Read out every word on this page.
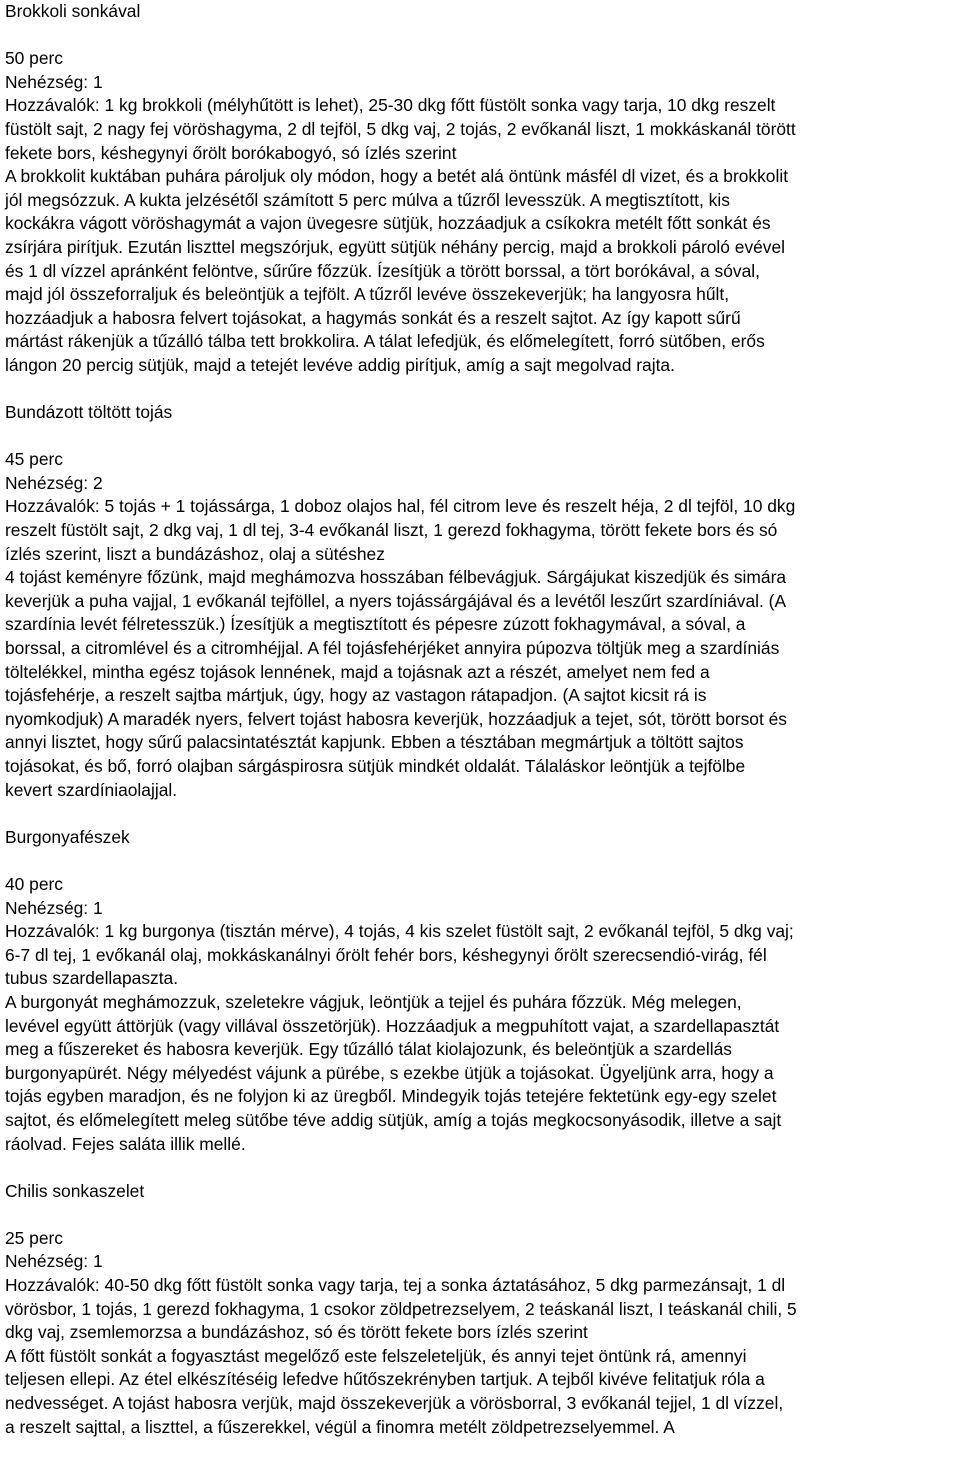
Brokkoli sonkával
50 perc
Nehézség: 1
Hozzávalók: 1 kg brokkoli (mélyhűtött is lehet), 25-30 dkg főtt füstölt sonka vagy tarja, 10 dkg reszelt
füstölt sajt, 2 nagy fej vöröshagyma, 2 dl tejföl, 5 dkg vaj, 2 tojás, 2 evőkanál liszt, 1 mokkáskanál törött
fekete bors, késhegynyi őrölt borókabogyó, só ízlés szerint
A brokkolit kuktában puhára pároljuk oly módon, hogy a betét alá öntünk másfél dl vizet, és a brokkolit
jól megsózzuk. A kukta jelzésétől számított 5 perc múlva a tűzről levesszük. A megtisztított, kis
kockákra vágott vöröshagymát a vajon üvegesre sütjük, hozzáadjuk a csíkokra metélt főtt sonkát és
zsírjára pirítjuk. Ezután liszttel megszórjuk, együtt sütjük néhány percig, majd a brokkoli pároló evével
és 1 dl vízzel apránként felöntve, sűrűre főzzük. Ízesítjük a törött borssal, a tört borókával, a sóval,
majd jól összeforraljuk és beleöntjük a tejfölt. A tűzről levéve összekeverjük; ha langyosra hűlt,
hozzáadjuk a habosra felvert tojásokat, a hagymás sonkát és a reszelt sajtot. Az így kapott sűrű
mártást rákenjük a tűzálló tálba tett brokkolira. A tálat lefedjük, és előmelegített, forró sütőben, erős
lángon 20 percig sütjük, majd a tetejét levéve addig pirítjuk, amíg a sajt megolvad rajta.
Bundázott töltött tojás
45 perc
Nehézség: 2
Hozzávalók: 5 tojás + 1 tojássárga, 1 doboz olajos hal, fél citrom leve és reszelt héja, 2 dl tejföl, 10 dkg
reszelt füstölt sajt, 2 dkg vaj, 1 dl tej, 3-4 evőkanál liszt, 1 gerezd fokhagyma, törött fekete bors és só
ízlés szerint, liszt a bundázáshoz, olaj a sütéshez
4 tojást keményre főzünk, majd meghámozva hosszában félbevágjuk. Sárgájukat kiszedjük és simára
keverjük a puha vajjal, 1 evőkanál tejföllel, a nyers tojássárgájával és a levétől leszűrt szardíniával. (A
szardínia levét félretesszük.) Ízesítjük a megtisztított és pépesre zúzott fokhagymával, a sóval, a
borssal, a citromlével és a citromhéjjal. A fél tojásfehérjéket annyira púpozva töltjük meg a szardíniás
töltelékkel, mintha egész tojások lennének, majd a tojásnak azt a részét, amelyet nem fed a
tojásfehérje, a reszelt sajtba mártjuk, úgy, hogy az vastagon rátapadjon. (A sajtot kicsit rá is
nyomkodjuk) A maradék nyers, felvert tojást habosra keverjük, hozzáadjuk a tejet, sót, törött borsot és
annyi lisztet, hogy sűrű palacsintatésztát kapjunk. Ebben a tésztában megmártjuk a töltött sajtos
tojásokat, és bő, forró olajban sárgáspirosra sütjük mindkét oldalát. Tálaláskor leöntjük a tejfölbe
kevert szardíniaolajjal.
Burgonyafészek
40 perc
Nehézség: 1
Hozzávalók: 1 kg burgonya (tisztán mérve), 4 tojás, 4 kis szelet füstölt sajt, 2 evőkanál tejföl, 5 dkg vaj;
6-7 dl tej, 1 evőkanál olaj, mokkáskanálnyi őrölt fehér bors, késhegynyi őrölt szerecsendió-virág, fél
tubus szardellapaszta.
A burgonyát meghámozzuk, szeletekre vágjuk, leöntjük a tejjel és puhára főzzük. Még melegen,
levével együtt áttörjük (vagy villával összetörjük). Hozzáadjuk a megpuhított vajat, a szardellapasztát
meg a fűszereket és habosra keverjük. Egy tűzálló tálat kiolajozunk, és beleöntjük a szardellás
burgonyapürét. Négy mélyedést vájunk a pürébe, s ezekbe ütjük a tojásokat. Ügyeljünk arra, hogy a
tojás egyben maradjon, és ne folyjon ki az üregből. Mindegyik tojás tetejére fektetünk egy-egy szelet
sajtot, és előmelegített meleg sütőbe téve addig sütjük, amíg a tojás megkocsonyásodik, illetve a sajt
ráolvad. Fejes saláta illik mellé.
Chilis sonkaszelet
25 perc
Nehézség: 1
Hozzávalók: 40-50 dkg főtt füstölt sonka vagy tarja, tej a sonka áztatásához, 5 dkg parmezánsajt, 1 dl
vörösbor, 1 tojás, 1 gerezd fokhagyma, 1 csokor zöldpetrezselyem, 2 teáskanál liszt, I teáskanál chili, 5
dkg vaj, zsemlemorzsa a bundázáshoz, só és törött fekete bors ízlés szerint
A főtt füstölt sonkát a fogyasztást megelőző este felszeleteljük, és annyi tejet öntünk rá, amennyi
teljesen ellepi. Az étel elkészítéséig lefedve hűtőszekrényben tartjuk. A tejből kivéve felitatjuk róla a
nedvességet. A tojást habosra verjük, majd összekeverjük a vörösborral, 3 evőkanál tejjel, 1 dl vízzel,
a reszelt sajttal, a liszttel, a fűszerekkel, végül a finomra metélt zöldpetrezselyemmel. A
